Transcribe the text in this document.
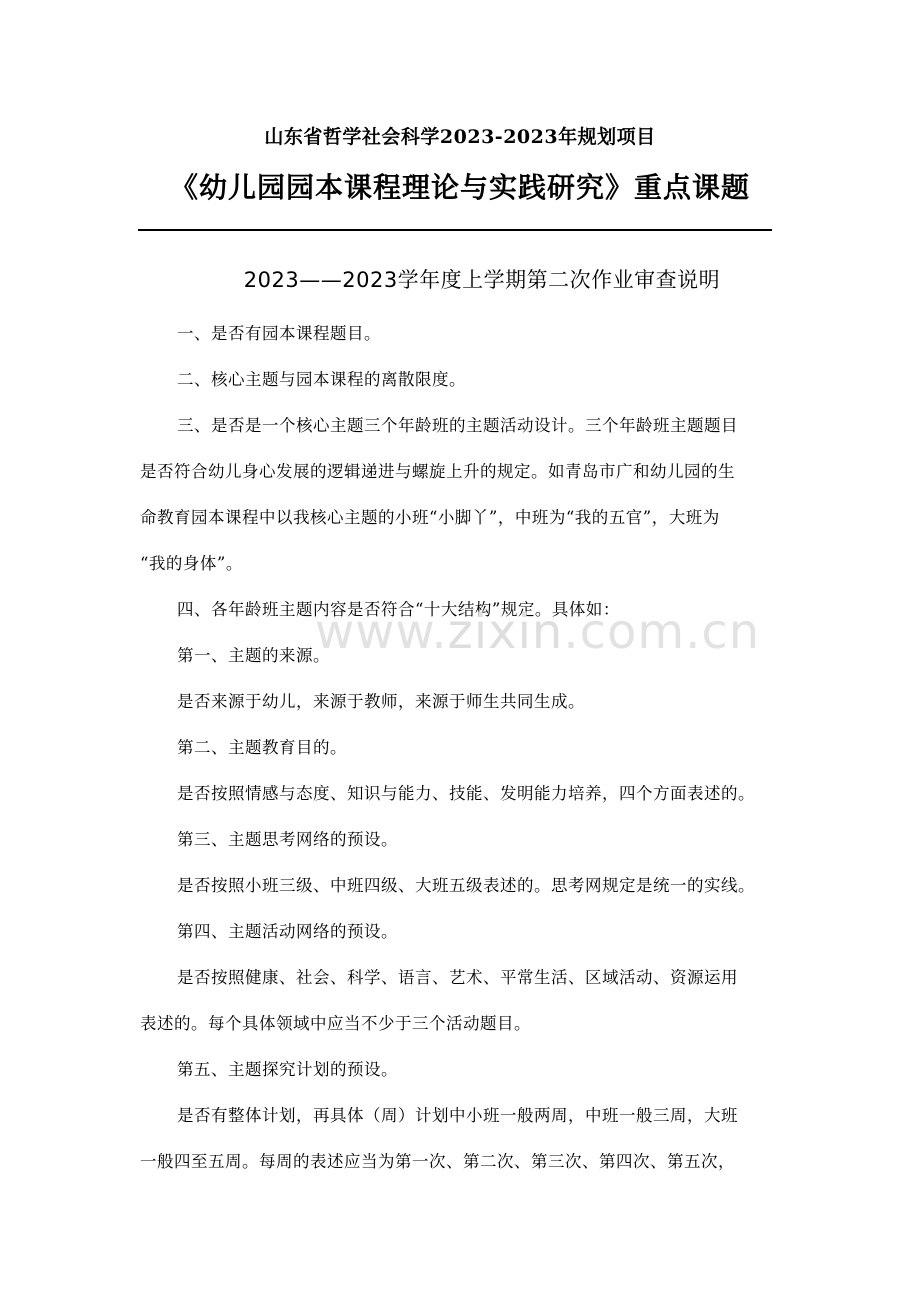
山东省哲学社会科学2023-2023年规划项目
《幼儿园园本课程理论与实践研究》重点课题
2023——2023学年度上学期第二次作业审查说明
一、是否有园本课程题目。
二、核心主题与园本课程的离散限度。
三、是否是一个核心主题三个年龄班的主题活动设计。三个年龄班主题题目
是否符合幼儿身心发展的逻辑递进与螺旋上升的规定。如青岛市广和幼儿园的生
命教育园本课程中以我核心主题的小班“小脚丫”，中班为“我的五官”，大班为
“我的身体”。
四、各年龄班主题内容是否符合“十大结构”规定。具体如：
第一、主题的来源。
是否来源于幼儿，来源于教师，来源于师生共同生成。
第二、主题教育目的。
是否按照情感与态度、知识与能力、技能、发明能力培养，四个方面表述的。
第三、主题思考网络的预设。
是否按照小班三级、中班四级、大班五级表述的。思考网规定是统一的实线。
第四、主题活动网络的预设。
是否按照健康、社会、科学、语言、艺术、平常生活、区域活动、资源运用
表述的。每个具体领域中应当不少于三个活动题目。
第五、主题探究计划的预设。
是否有整体计划，再具体（周）计划中小班一般两周，中班一般三周，大班
一般四至五周。每周的表述应当为第一次、第二次、第三次、第四次、第五次，
www.zixin.com.cn
